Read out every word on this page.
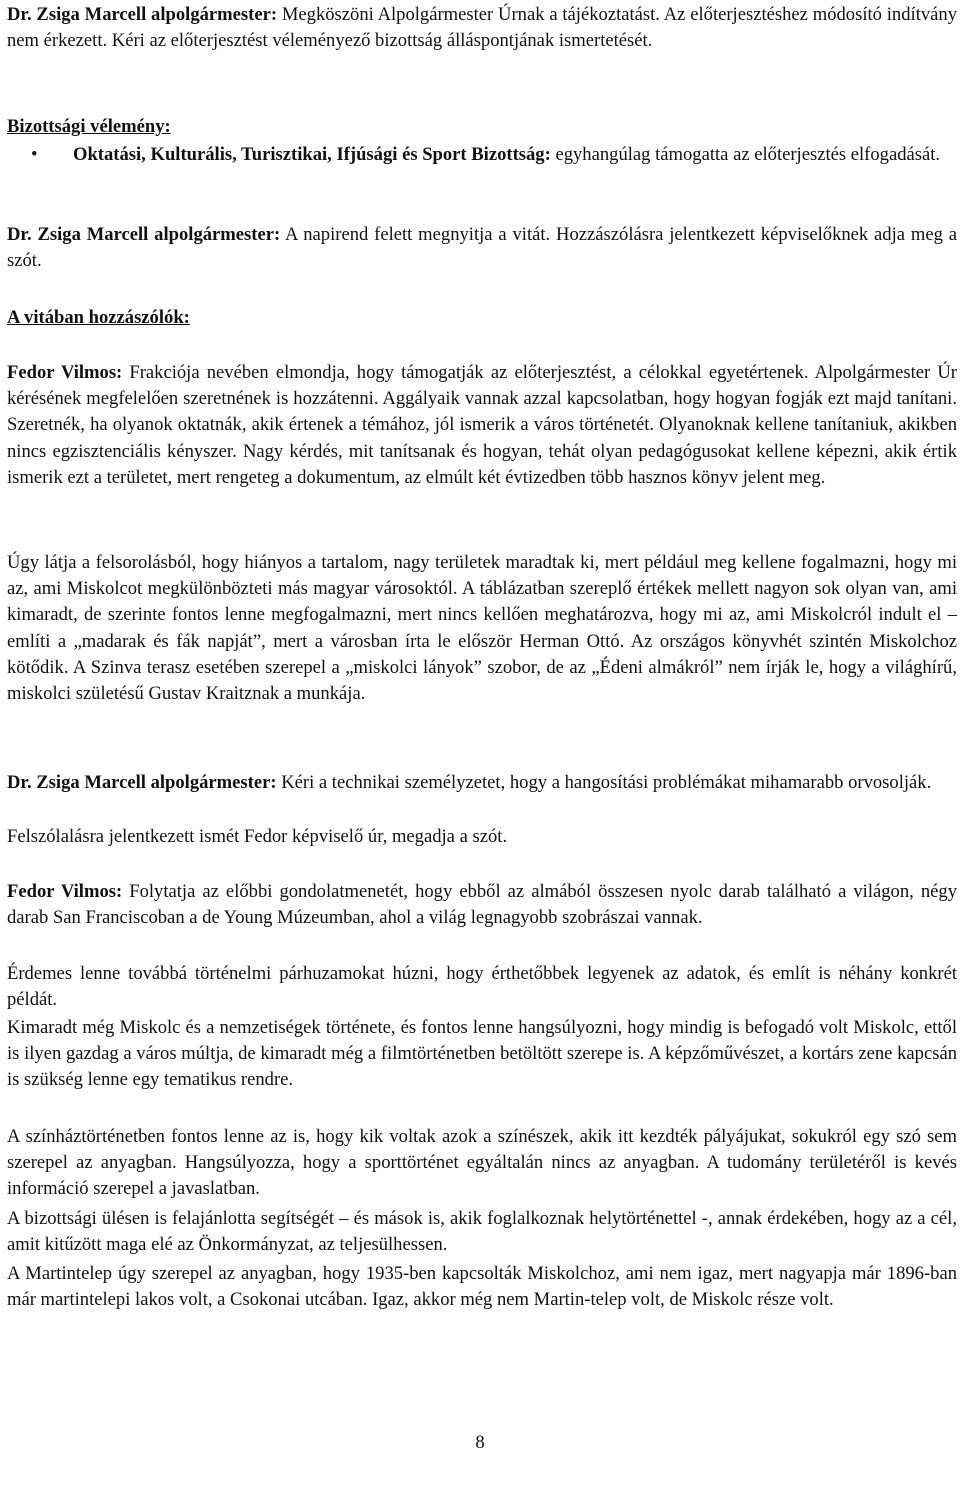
Dr. Zsiga Marcell alpolgármester: Megköszöni Alpolgármester Úrnak a tájékoztatást. Az előterjesztéshez módosító indítvány nem érkezett. Kéri az előterjesztést véleményező bizottság álláspontjának ismertetését.

Bizottsági vélemény:

• Oktatási, Kulturális, Turisztikai, Ifjúsági és Sport Bizottság: egyhangúlag támogatta az előterjesztés elfogadását.

Dr. Zsiga Marcell alpolgármester: A napirend felett megnyitja a vitát. Hozzászólásra jelentkezett képviselőknek adja meg a szót.

A vitában hozzászólók:

Fedor Vilmos: Frakciója nevében elmondja, hogy támogatják az előterjesztést, a célokkal egyetértenek. Alpolgármester Úr kérésének megfelelően szeretnének is hozzátenni. Aggályaik vannak azzal kapcsolatban, hogy hogyan fogják ezt majd tanítani. Szeretnék, ha olyanok oktatnák, akik értenek a témához, jól ismerik a város történetét. Olyanoknak kellene tanítaniuk, akikben nincs egzisztenciális kényszer. Nagy kérdés, mit tanítsanak és hogyan, tehát olyan pedagógusokat kellene képezni, akik értik ismerik ezt a területet, mert rengeteg a dokumentum, az elmúlt két évtizedben több hasznos könyv jelent meg.

Úgy látja a felsorolásból, hogy hiányos a tartalom, nagy területek maradtak ki, mert például meg kellene fogalmazni, hogy mi az, ami Miskolcot megkülönbözteti más magyar városoktól. A táblázatban szereplő értékek mellett nagyon sok olyan van, ami kimaradt, de szerinte fontos lenne megfogalmazni, mert nincs kellően meghatározva, hogy mi az, ami Miskolcról indult el – említi a „madarak és fák napját”, mert a városban írta le először Herman Ottó. Az országos könyvhét szintén Miskolchoz kötődik. A Szinva terasz esetében szerepel a „miskolci lányok” szobor, de az „Édeni almákról” nem írják le, hogy a világhírű, miskolci születésű Gustav Kraitznak a munkája.

Dr. Zsiga Marcell alpolgármester: Kéri a technikai személyzetet, hogy a hangosítási problémákat mihamarabb orvosolják.

Felszólalásra jelentkezett ismét Fedor képviselő úr, megadja a szót.

Fedor Vilmos: Folytatja az előbbi gondolatmenetét, hogy ebből az almából összesen nyolc darab található a világon, négy darab San Franciscoban a de Young Múzeumban, ahol a világ legnagyobb szobrászai vannak.

Érdemes lenne továbbá történelmi párhuzamokat húzni, hogy érthetőbbek legyenek az adatok, és említ is néhány konkrét példát.

Kimaradt még Miskolc és a nemzetiségek története, és fontos lenne hangsúlyozni, hogy mindig is befogadó volt Miskolc, ettől is ilyen gazdag a város múltja, de kimaradt még a filmtörténetben betöltött szerepe is. A képzőművészet, a kortárs zene kapcsán is szükség lenne egy tematikus rendre.

A színháztörténetben fontos lenne az is, hogy kik voltak azok a színészek, akik itt kezdték pályájukat, sokukról egy szó sem szerepel az anyagban. Hangsúlyozza, hogy a sporttörténet egyáltalán nincs az anyagban. A tudomány területéről is kevés információ szerepel a javaslatban.

A bizottsági ülésen is felajánlotta segítségét – és mások is, akik foglalkoznak helytörténettel -, annak érdekében, hogy az a cél, amit kitűzött maga elé az Önkormányzat, az teljesülhessen.

A Martintelep úgy szerepel az anyagban, hogy 1935-ben kapcsolták Miskolchoz, ami nem igaz, mert nagyapja már 1896-ban már martintelepi lakos volt, a Csokonai utcában. Igaz, akkor még nem Martin-telep volt, de Miskolc része volt.

8
